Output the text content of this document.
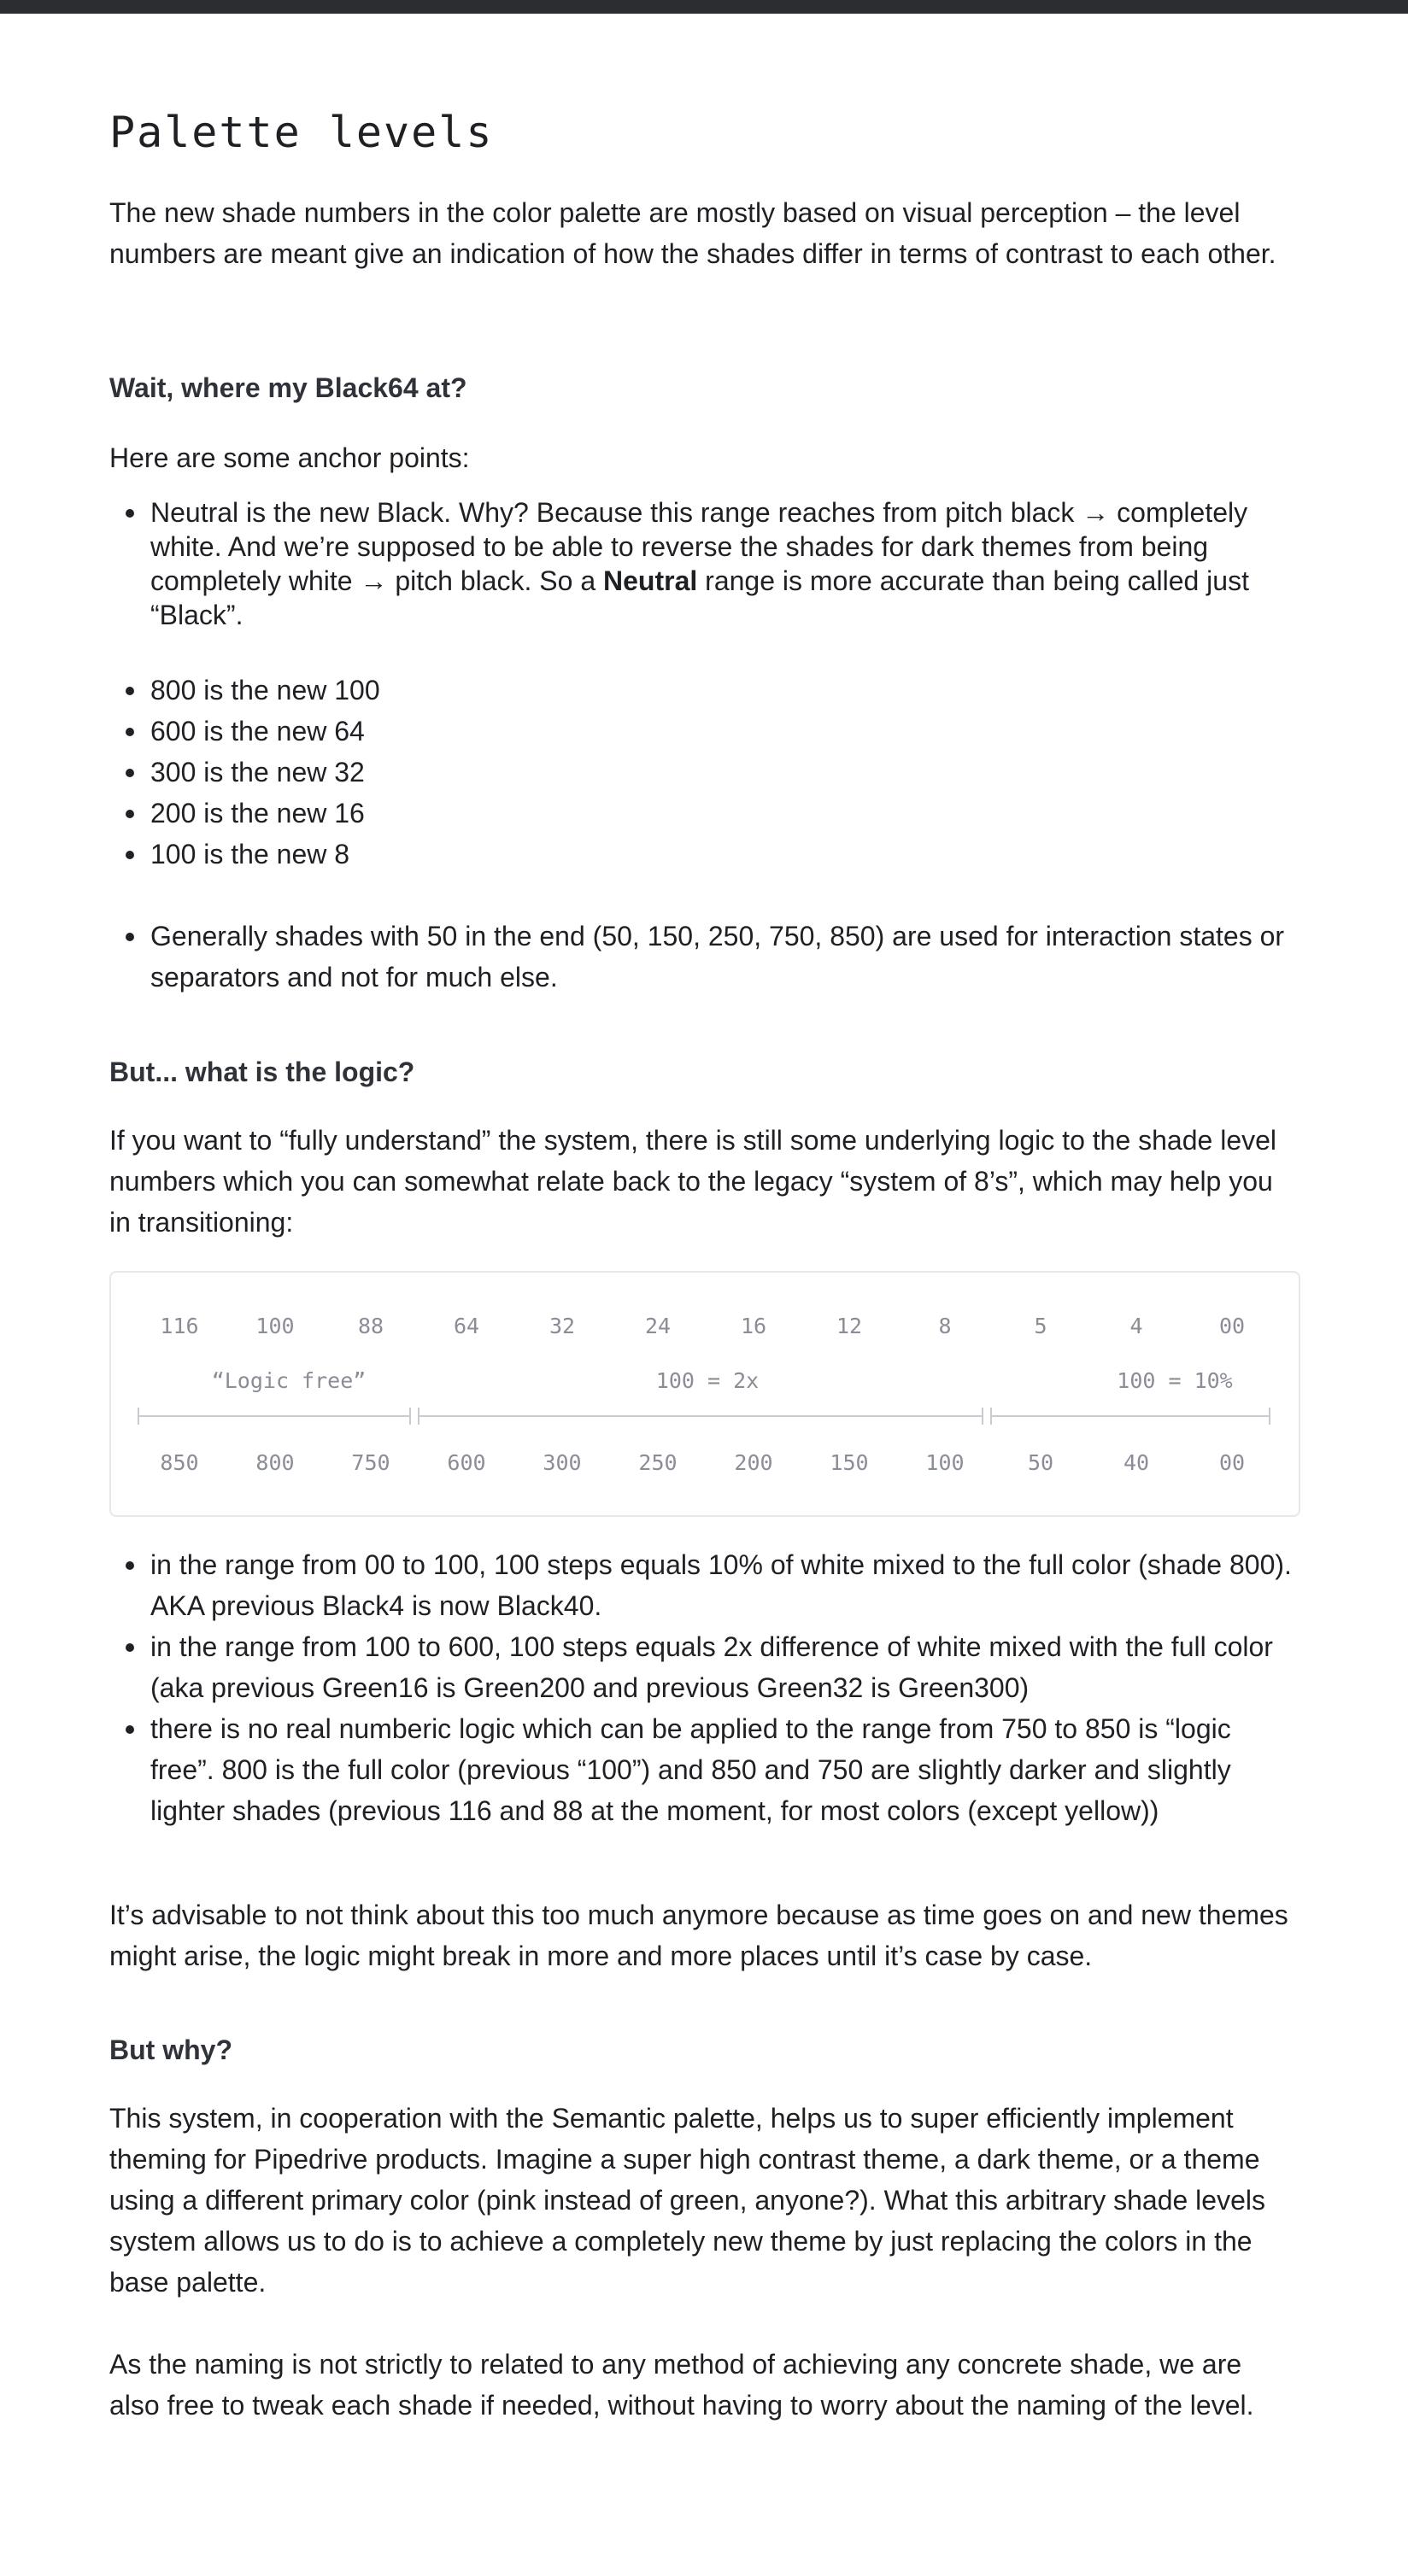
Palette levels

The new shade numbers in the color palette are mostly based on visual perception – the level numbers are meant give an indication of how the shades differ in terms of contrast to each other.

Wait, where my Black64 at?

Here are some anchor points:

Neutral is the new Black. Why? Because this range reaches from pitch black → completely white. And we’re supposed to be able to reverse the shades for dark themes from being completely white → pitch black. So a Neutral range is more accurate than being called just “Black”.
800 is the new 100
600 is the new 64
300 is the new 32
200 is the new 16
100 is the new 8
Generally shades with 50 in the end (50, 150, 250, 750, 850) are used for interaction states or separators and not for much else.
But... what is the logic?

If you want to “fully understand” the system, there is still some underlying logic to the shade level numbers which you can somewhat relate back to the legacy “system of 8’s”, which may help you in transitioning:

116	100	88	64	32	24	16	12	8	5	4	00
“Logic free”	100 = 2x	100 = 10%
850	800	750	600	300	250	200	150	100	50	40	00
in the range from 00 to 100, 100 steps equals 10% of white mixed to the full color (shade 800). AKA previous Black4 is now Black40.
in the range from 100 to 600, 100 steps equals 2x difference of white mixed with the full color (aka previous Green16 is Green200 and previous Green32 is Green300)
there is no real numberic logic which can be applied to the range from 750 to 850 is “logic free”. 800 is the full color (previous “100”) and 850 and 750 are slightly darker and slightly lighter shades (previous 116 and 88 at the moment, for most colors (except yellow))

It’s advisable to not think about this too much anymore because as time goes on and new themes might arise, the logic might break in more and more places until it’s case by case.

But why?

This system, in cooperation with the Semantic palette, helps us to super efficiently implement theming for Pipedrive products. Imagine a super high contrast theme, a dark theme, or a theme using a different primary color (pink instead of green, anyone?). What this arbitrary shade levels system allows us to do is to achieve a completely new theme by just replacing the colors in the base palette.

As the naming is not strictly to related to any method of achieving any concrete shade, we are also free to tweak each shade if needed, without having to worry about the naming of the level.
